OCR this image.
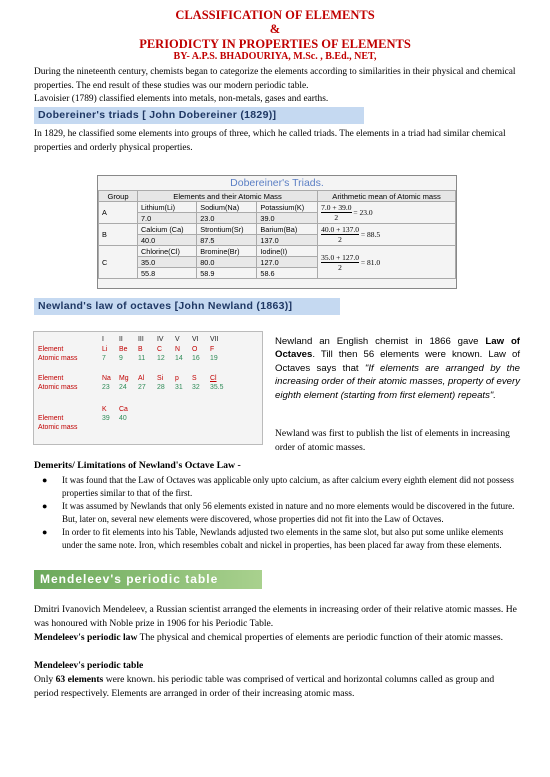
CLASSIFICATION OF ELEMENTS
&
PERIODICTY IN PROPERTIES OF ELEMENTS
BY- A.P.S. BHADOURIYA, M.Sc. , B.Ed., NET,
During the nineteenth century, chemists began to categorize the elements according to similarities in their physical and chemical properties. The end result of these studies was our modern periodic table.
Lavoisier (1789) classified elements into metals, non-metals, gases and earths.
Dobereiner's triads [ John Dobereiner (1829)]
In 1829, he classified some elements into groups of three, which he called triads. The elements in a triad had similar chemical properties and orderly physical properties.
Dobereiner's Triads.
Group	Elements and their Atomic Mass			Arithmetic mean of Atomic mass
A	Lithium(Li)	Sodium(Na)	Potassium(K)	$\frac{7.0 + 39.0}{2} = 23.0$
	7.0	23.0	39.0	
B	Calcium (Ca)	Strontium(Sr)	Barium(Ba)	$\frac{40.0 + 137.0}{2} = 88.5$
	40.0	87.5	137.0	
C	Chlorine(Cl)	Bromine(Br)	Iodine(I)	$\frac{35.0 + 127.0}{2} = 81.0$
	35.0	80.0	127.0	
	55.8	58.9	58.6	
Newland's law of octaves [John Newland (1863)]
I	II	III	IV	V	VI	VII
Element	Li	Be	B	C	N	O	F
Atomic mass	7	9	11	12	14	16	19
Element	Na	Mg	Al	Si	p	S	Cl
Atomic mass	23	24	27	28	31	32	35.5
K	Ca
Element	39	40
Atomic mass
Newland an English chemist in 1866 gave Law of Octaves. Till then 56 elements were known. Law of Octaves says that "If elements are arranged by the increasing order of their atomic masses, property of every eighth element (starting from first element) repeats".
Newland was first to publish the list of elements in increasing order of atomic masses.
Demerits/ Limitations of Newland's Octave Law -
● It was found that the Law of Octaves was applicable only upto calcium, as after calcium every eighth element did not possess properties similar to that of the first.
● It was assumed by Newlands that only 56 elements existed in nature and no more elements would be discovered in the future. But, later on, several new elements were discovered, whose properties did not fit into the Law of Octaves.
● In order to fit elements into his Table, Newlands adjusted two elements in the same slot, but also put some unlike elements under the same note. Iron, which resembles cobalt and nickel in properties, has been placed far away from these elements.
Mendeleev's periodic table
Dmitri Ivanovich Mendeleev, a Russian scientist arranged the elements in increasing order of their relative atomic masses. He was honoured with Noble prize in 1906 for his Periodic Table.
Mendeleev's periodic law The physical and chemical properties of elements are periodic function of their atomic masses.
Mendeleev's periodic table
Only 63 elements were known. his periodic table was comprised of vertical and horizontal columns called as group and period respectively. Elements are arranged in order of their increasing atomic mass.
